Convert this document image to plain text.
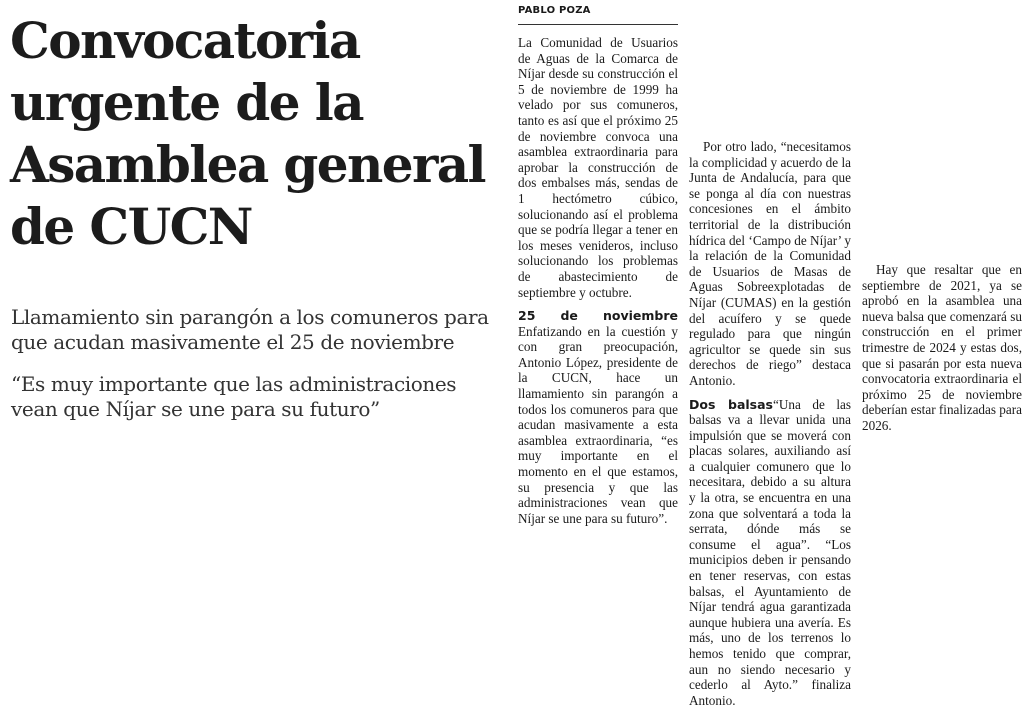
Convocatoria urgente de la Asamblea general de CUCN

Llamamiento sin parangón a los comuneros para que acudan masivamente el 25 de noviembre

“Es muy importante que las administraciones vean que Níjar se une para su futuro”

PABLO POZA

La Comunidad de Usuarios de Aguas de la Comarca de Níjar desde su construcción el 5 de noviembre de 1999 ha velado por sus comuneros, tanto es así que el próximo 25 de noviembre convoca una asamblea extraordinaria para aprobar la construcción de dos embalses más, sendas de 1 hectómetro cúbico, solucionando así el problema que se podría llegar a tener en los meses venideros, incluso solucionando los problemas de abastecimiento de septiembre y octubre.

25 de noviembre Enfatizando en la cuestión y con gran preocupación, Antonio López, presidente de la CUCN, hace un llamamiento sin parangón a todos los comuneros para que acudan masivamente a esta asamblea extraordinaria, “es muy importante en el momento en el que estamos, su presencia y que las administraciones vean que Níjar se une para su futuro”.

Por otro lado, “necesitamos la complicidad y acuerdo de la Junta de Andalucía, para que se ponga al día con nuestras concesiones en el ámbito territorial de la distribución hídrica del ‘Campo de Níjar’ y la relación de la Comunidad de Usuarios de Masas de Aguas Sobreexplotadas de Níjar (CUMAS) en la gestión del acuífero y se quede regulado para que ningún agricultor se quede sin sus derechos de riego” destaca Antonio.

Dos balsas“Una de las balsas va a llevar unida una impulsión que se moverá con placas solares, auxiliando así a cualquier comunero que lo necesitara, debido a su altura y la otra, se encuentra en una zona que solventará a toda la serrata, dónde más se consume el agua”. “Los municipios deben ir pensando en tener reservas, con estas balsas, el Ayuntamiento de Níjar tendrá agua garantizada aunque hubiera una avería. Es más, uno de los terrenos lo hemos tenido que comprar, aun no siendo necesario y cederlo al Ayto.” finaliza Antonio.

Hay que resaltar que en septiembre de 2021, ya se aprobó en la asamblea una nueva balsa que comenzará su construcción en el primer trimestre de 2024 y estas dos, que si pasarán por esta nueva convocatoria extraordinaria el próximo 25 de noviembre deberían estar finalizadas para 2026.
